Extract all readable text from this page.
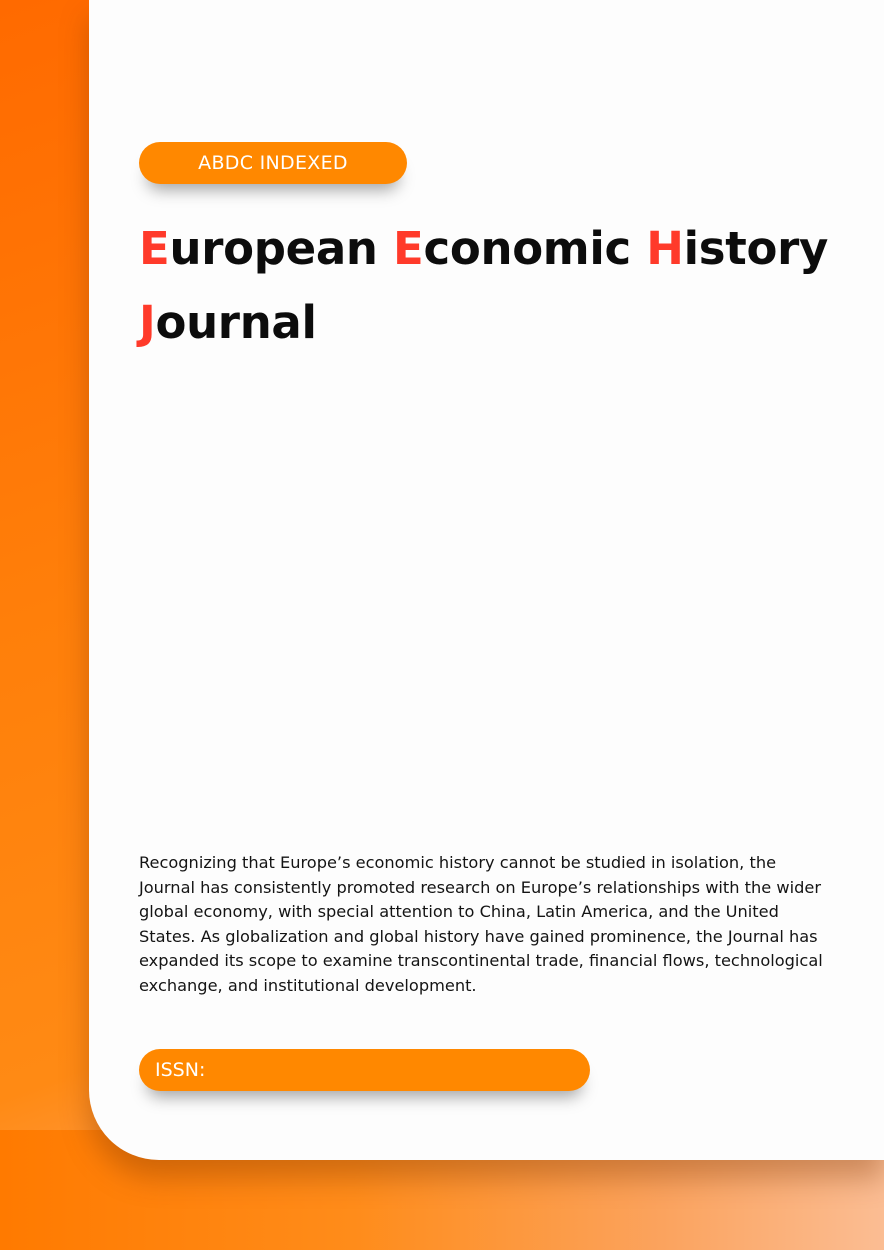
ABDC INDEXED
European Economic History
Journal

Recognizing that Europe’s economic history cannot be studied in isolation, the Journal has consistently promoted research on Europe’s relationships with the wider global economy, with special attention to China, Latin America, and the United States. As globalization and global history have gained prominence, the Journal has expanded its scope to examine transcontinental trade, financial flows, technological exchange, and institutional development.

ISSN:
